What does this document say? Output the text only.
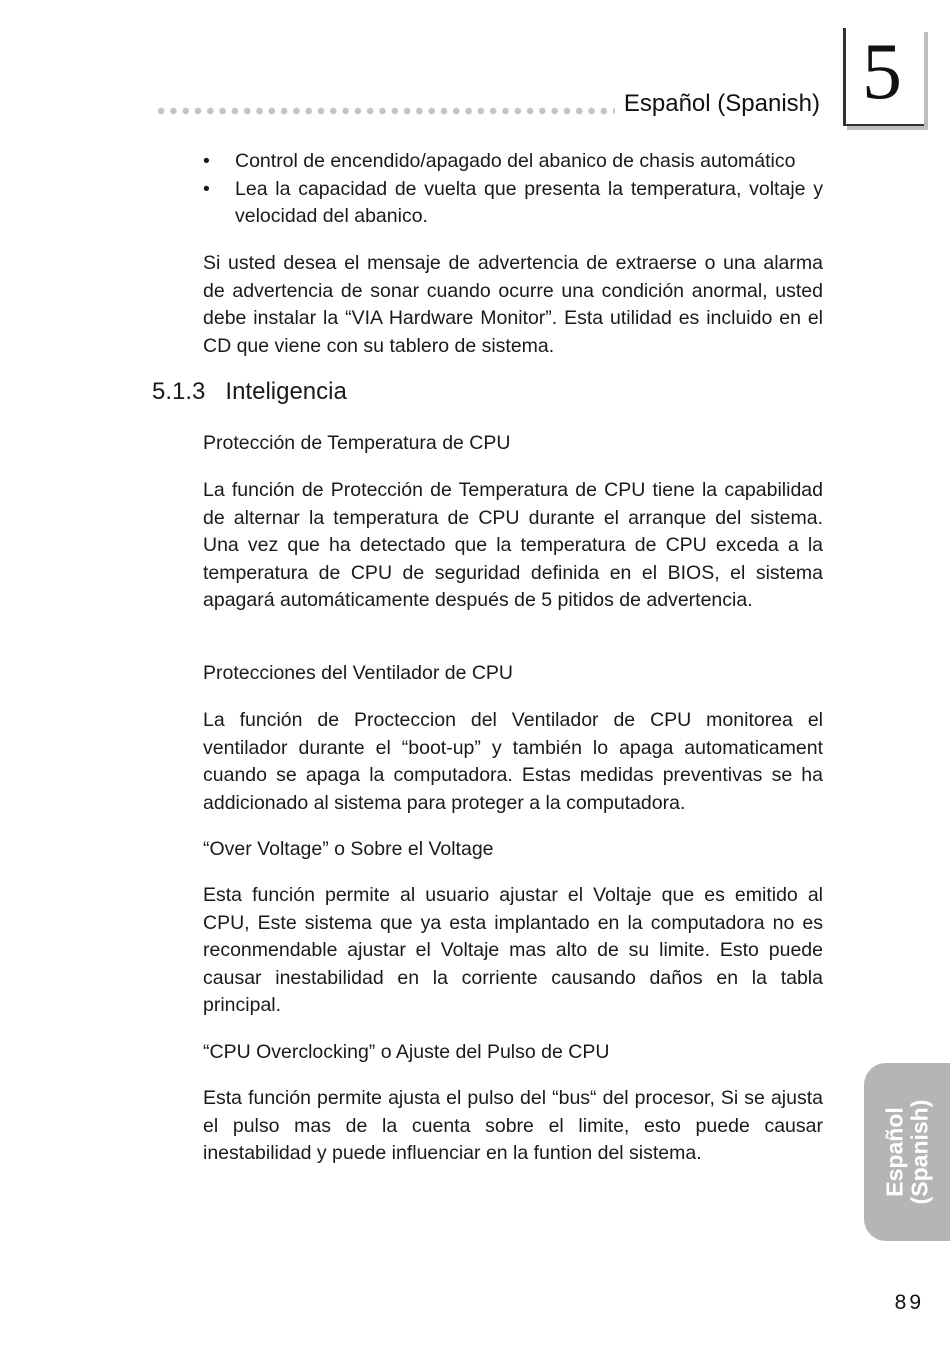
Español (Spanish) 5
• Control de encendido/apagado del abanico de chasis automático
• Lea la capacidad de vuelta que presenta la temperatura, voltaje y velocidad del abanico.

Si usted desea el mensaje de advertencia de extraerse o una alarma de advertencia de sonar cuando ocurre una condición anormal, usted debe instalar la “VIA Hardware Monitor”. Esta utilidad es incluido en el CD que viene con su tablero de sistema.

5.1.3 Inteligencia
Protección de Temperatura de CPU

La función de Protección de Temperatura de CPU tiene la capabilidad de alternar la temperatura de CPU durante el arranque del sistema. Una vez que ha detectado que la temperatura de CPU exceda a la temperatura de CPU de seguridad definida en el BIOS, el sistema apagará automáticamente después de 5 pitidos de advertencia.

Protecciones del Ventilador de CPU

La función de Procteccion del Ventilador de CPU monitorea el ventilador durante el “boot-up” y también lo apaga automaticament cuando se apaga la computadora. Estas medidas preventivas se ha addicionado al sistema para proteger a la computadora.

“Over Voltage” o Sobre el Voltage

Esta función permite al usuario ajustar el Voltaje que es emitido al CPU, Este sistema que ya esta implantado en la computadora no es reconmendable ajustar el Voltaje mas alto de su limite. Esto puede causar inestabilidad en la corriente causando daños en la tabla principal.

“CPU Overclocking” o Ajuste del Pulso de CPU

Esta función permite ajusta el pulso del “bus“ del procesor, Si se ajusta el pulso mas de la cuenta sobre el limite, esto puede causar inestabilidad y puede influenciar en la funtion del sistema.	Español
(Spanish)
89
